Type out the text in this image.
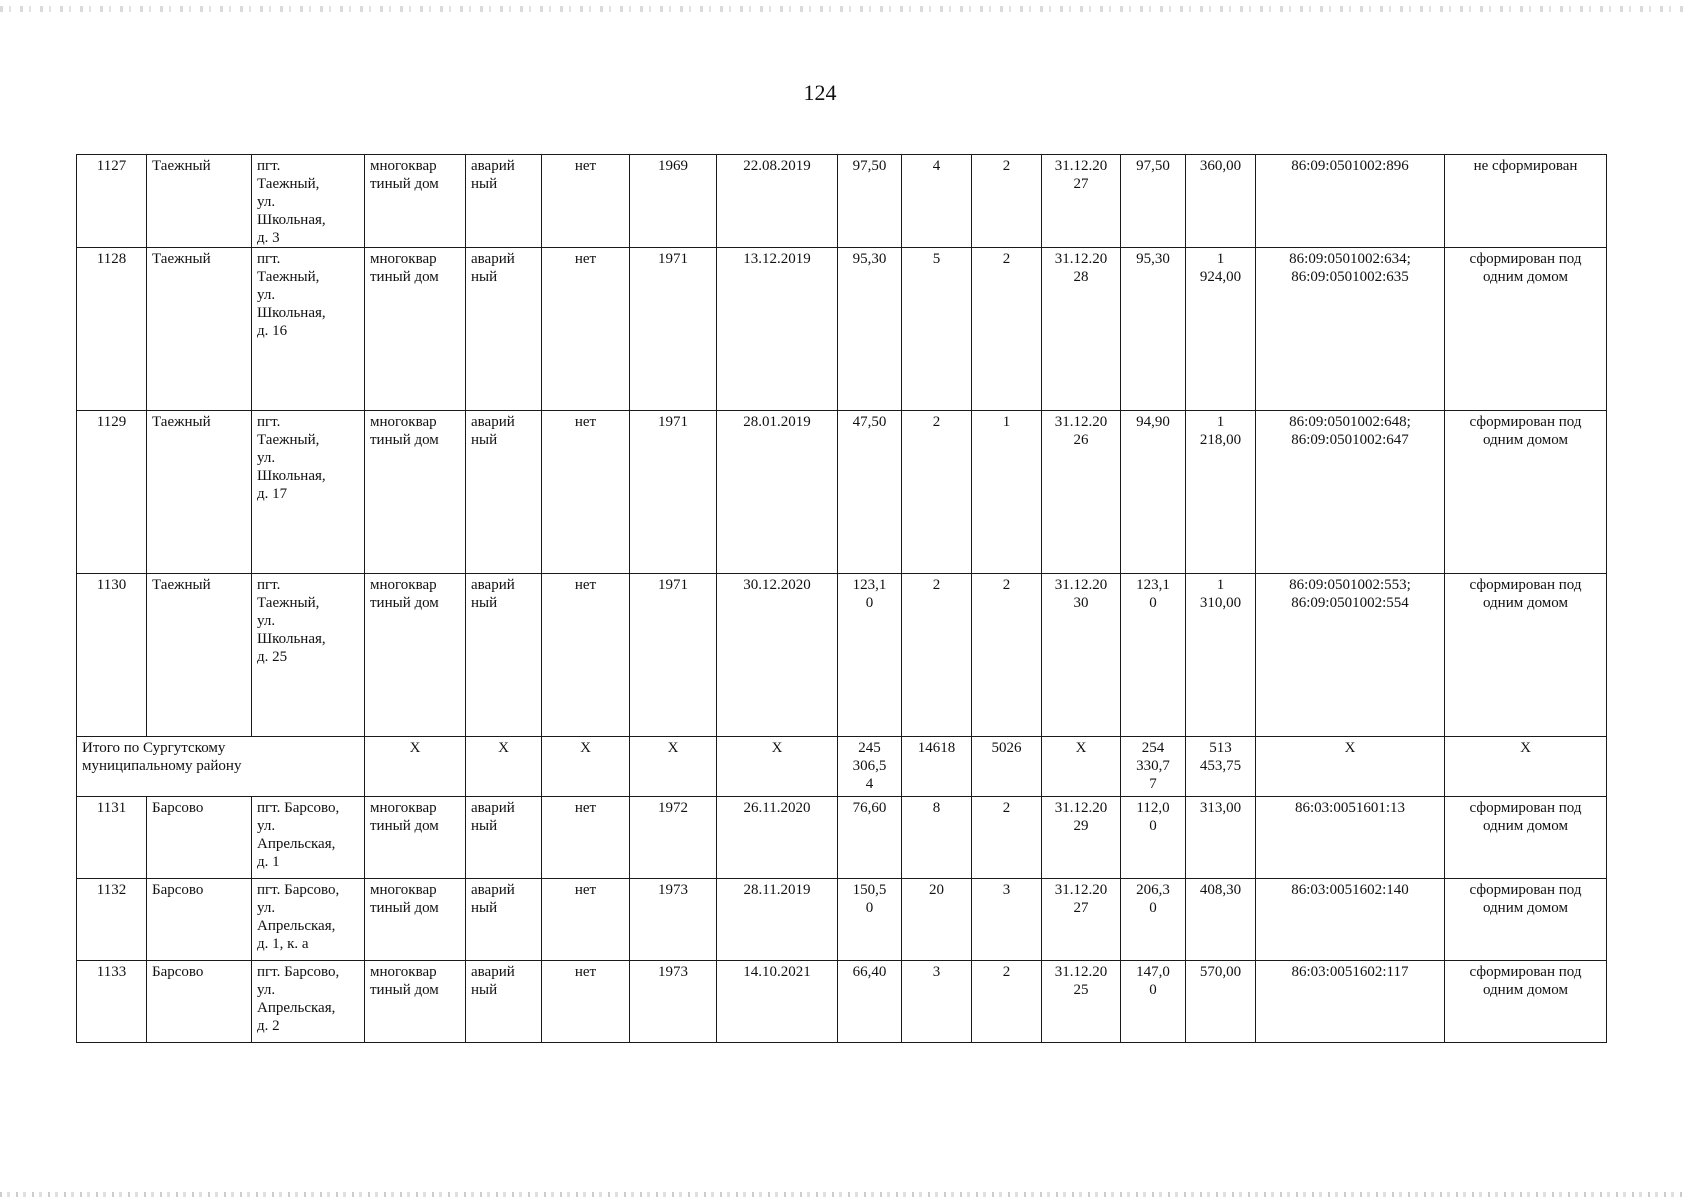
124
1127	Таежный	пгт.
Таежный,
ул.
Школьная,
д. 3	многоквар
тиный дом	аварий
ный	нет	1969	22.08.2019	97,50	4	2	31.12.20
27	97,50	360,00	86:09:0501002:896	не сформирован

1128	Таежный	пгт.
Таежный,
ул.
Школьная,
д. 16	многоквар
тиный дом	аварий
ный	нет	1971	13.12.2019	95,30	5	2	31.12.20
28	95,30	1
924,00	86:09:0501002:634;
86:09:0501002:635	сформирован под
одним домом

1129	Таежный	пгт.
Таежный,
ул.
Школьная,
д. 17	многоквар
тиный дом	аварий
ный	нет	1971	28.01.2019	47,50	2	1	31.12.20
26	94,90	1
218,00	86:09:0501002:648;
86:09:0501002:647	сформирован под
одним домом

1130	Таежный	пгт.
Таежный,
ул.
Школьная,
д. 25	многоквар
тиный дом	аварий
ный	нет	1971	30.12.2020	123,1
0	2	2	31.12.20
30	123,1
0	1
310,00	86:09:0501002:553;
86:09:0501002:554	сформирован под
одним домом

Итого по Сургутскому
муниципальному району			X	X	X	X	X	245
306,5
4	14618	5026	X	254
330,7
7	513
453,75	X	X
1131	Барсово	пгт. Барсово,
ул.
Апрельская,
д. 1	многоквар
тиный дом	аварий
ный	нет	1972	26.11.2020	76,60	8	2	31.12.20
29	112,0
0	313,00	86:03:0051601:13	сформирован под
одним домом

1132	Барсово	пгт. Барсово,
ул.
Апрельская,
д. 1, к. а	многоквар
тиный дом	аварий
ный	нет	1973	28.11.2019	150,5
0	20	3	31.12.20
27	206,3
0	408,30	86:03:0051602:140	сформирован под
одним домом

1133	Барсово	пгт. Барсово,
ул.
Апрельская,
д. 2	многоквар
тиный дом	аварий
ный	нет	1973	14.10.2021	66,40	3	2	31.12.20
25	147,0
0	570,00	86:03:0051602:117	сформирован под
одним домом
